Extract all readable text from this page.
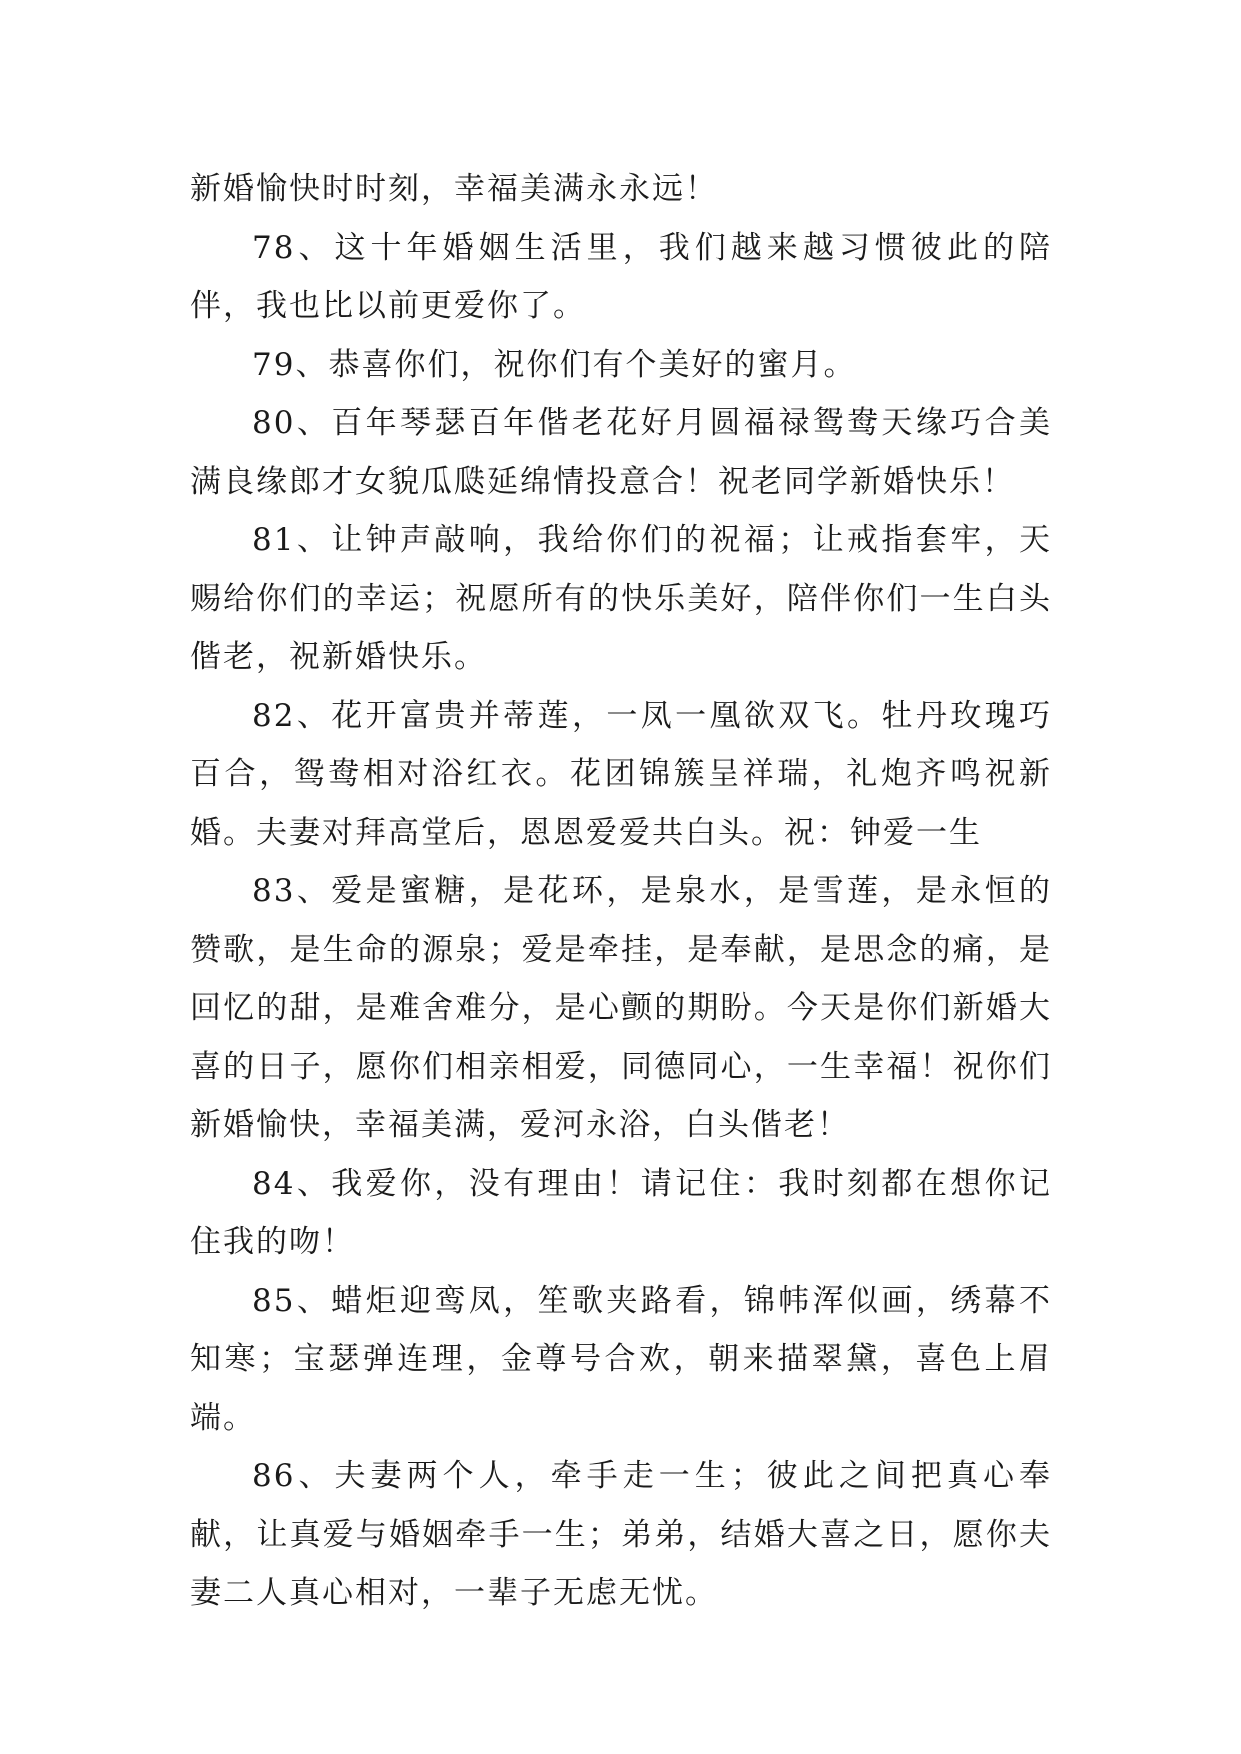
新婚愉快时时刻，幸福美满永永远！

78、这十年婚姻生活里，我们越来越习惯彼此的陪伴，我也比以前更爱你了。

79、恭喜你们，祝你们有个美好的蜜月。

80、百年琴瑟百年偕老花好月圆福禄鸳鸯天缘巧合美满良缘郎才女貌瓜瓞延绵情投意合！祝老同学新婚快乐！

81、让钟声敲响，我给你们的祝福；让戒指套牢，天赐给你们的幸运；祝愿所有的快乐美好，陪伴你们一生白头偕老，祝新婚快乐。

82、花开富贵并蒂莲，一凤一凰欲双飞。牡丹玫瑰巧百合，鸳鸯相对浴红衣。花团锦簇呈祥瑞，礼炮齐鸣祝新婚。夫妻对拜高堂后，恩恩爱爱共白头。祝：钟爱一生

83、爱是蜜糖，是花环，是泉水，是雪莲，是永恒的赞歌，是生命的源泉；爱是牵挂，是奉献，是思念的痛，是回忆的甜，是难舍难分，是心颤的期盼。今天是你们新婚大喜的日子，愿你们相亲相爱，同德同心，一生幸福！祝你们新婚愉快，幸福美满，爱河永浴，白头偕老！

84、我爱你，没有理由！请记住：我时刻都在想你记住我的吻！

85、蜡炬迎鸾凤，笙歌夹路看，锦帏浑似画，绣幕不知寒；宝瑟弹连理，金尊号合欢，朝来描翠黛，喜色上眉端。

86、夫妻两个人，牵手走一生；彼此之间把真心奉献，让真爱与婚姻牵手一生；弟弟，结婚大喜之日，愿你夫妻二人真心相对，一辈子无虑无忧。
